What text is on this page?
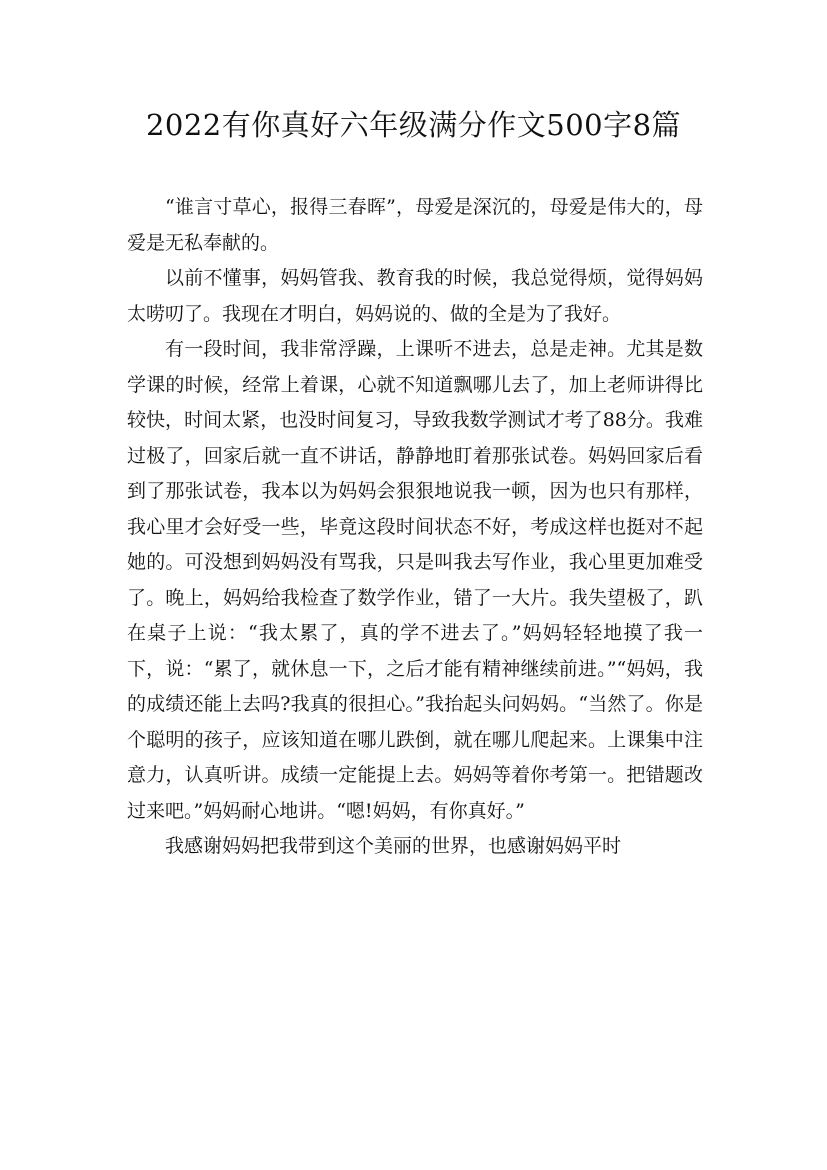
2022有你真好六年级满分作文500字8篇

“谁言寸草心，报得三春晖”，母爱是深沉的，母爱是伟大的，母爱是无私奉献的。

以前不懂事，妈妈管我、教育我的时候，我总觉得烦，觉得妈妈太唠叨了。我现在才明白，妈妈说的、做的全是为了我好。

有一段时间，我非常浮躁，上课听不进去，总是走神。尤其是数学课的时候，经常上着课，心就不知道飘哪儿去了，加上老师讲得比较快，时间太紧，也没时间复习，导致我数学测试才考了88分。我难过极了，回家后就一直不讲话，静静地盯着那张试卷。妈妈回家后看到了那张试卷，我本以为妈妈会狠狠地说我一顿，因为也只有那样，我心里才会好受一些，毕竟这段时间状态不好，考成这样也挺对不起她的。可没想到妈妈没有骂我，只是叫我去写作业，我心里更加难受了。晚上，妈妈给我检查了数学作业，错了一大片。我失望极了，趴在桌子上说：“我太累了，真的学不进去了。”妈妈轻轻地摸了我一下，说：“累了，就休息一下，之后才能有精神继续前进。”“妈妈，我的成绩还能上去吗?我真的很担心。”我抬起头问妈妈。“当然了。你是个聪明的孩子，应该知道在哪儿跌倒，就在哪儿爬起来。上课集中注意力，认真听讲。成绩一定能提上去。妈妈等着你考第一。把错题改过来吧。”妈妈耐心地讲。“嗯!妈妈，有你真好。”

我感谢妈妈把我带到这个美丽的世界，也感谢妈妈平时
